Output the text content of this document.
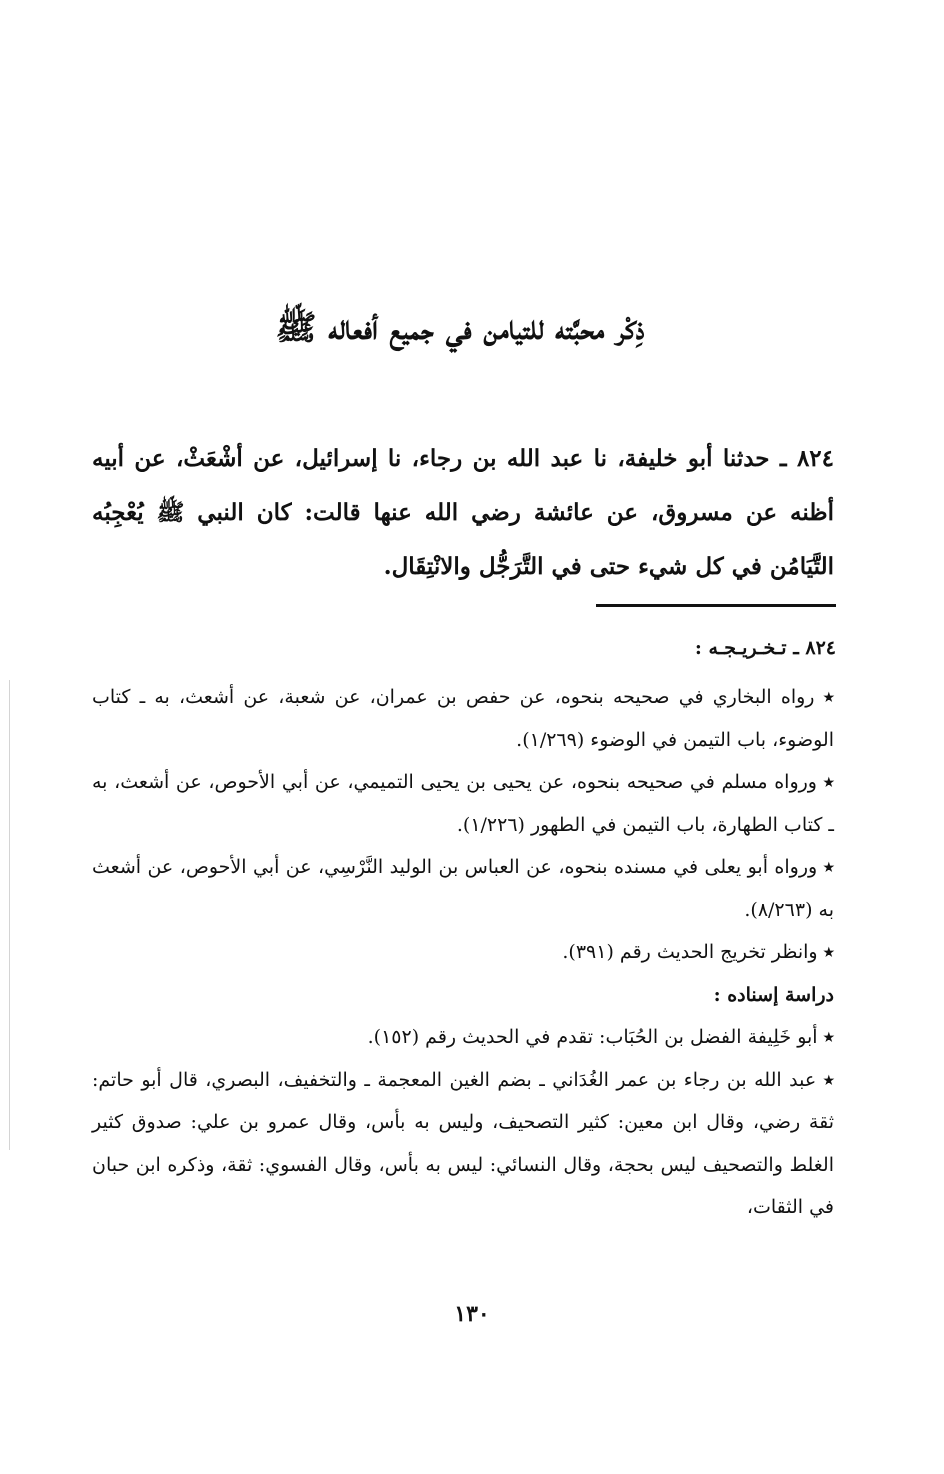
ذِكْر محبَّته للتيامن في جميع أفعاله ﷺ

٨٢٤ ـ حدثنا أبو خليفة، نا عبد الله بن رجاء، نا إسرائيل، عن أشْعَثْ، عن أبيه أظنه عن مسروق، عن عائشة رضي الله عنها قالت: كان النبي ﷺ يُعْجِبُه التَّيَامُن في كل شيء حتى في التَّرَجُّل والانْتِقَال.

٨٢٤ ـ تـخـريـجـه :

٭ رواه البخاري في صحيحه بنحوه، عن حفص بن عمران، عن شعبة، عن أشعث، به ـ كتاب الوضوء، باب التيمن في الوضوء (١/٢٦٩).

٭ ورواه مسلم في صحيحه بنحوه، عن يحيى بن يحيى التميمي، عن أبي الأحوص، عن أشعث، به ـ كتاب الطهارة، باب التيمن في الطهور (١/٢٢٦).

٭ ورواه أبو يعلى في مسنده بنحوه، عن العباس بن الوليد النَّرْسِي، عن أبي الأحوص، عن أشعث به (٨/٢٦٣).

٭ وانظر تخريج الحديث رقم (٣٩١).

دراسة إسناده :

٭ أبو خَلِيفة الفضل بن الحُبَاب: تقدم في الحديث رقم (١٥٢).

٭ عبد الله بن رجاء بن عمر الغُدَاني ـ بضم الغين المعجمة ـ والتخفيف، البصري، قال أبو حاتم: ثقة رضي، وقال ابن معين: كثير التصحيف، وليس به بأس، وقال عمرو بن علي: صدوق كثير الغلط والتصحيف ليس بحجة، وقال النسائي: ليس به بأس، وقال الفسوي: ثقة، وذكره ابن حبان في الثقات،

١٣٠
